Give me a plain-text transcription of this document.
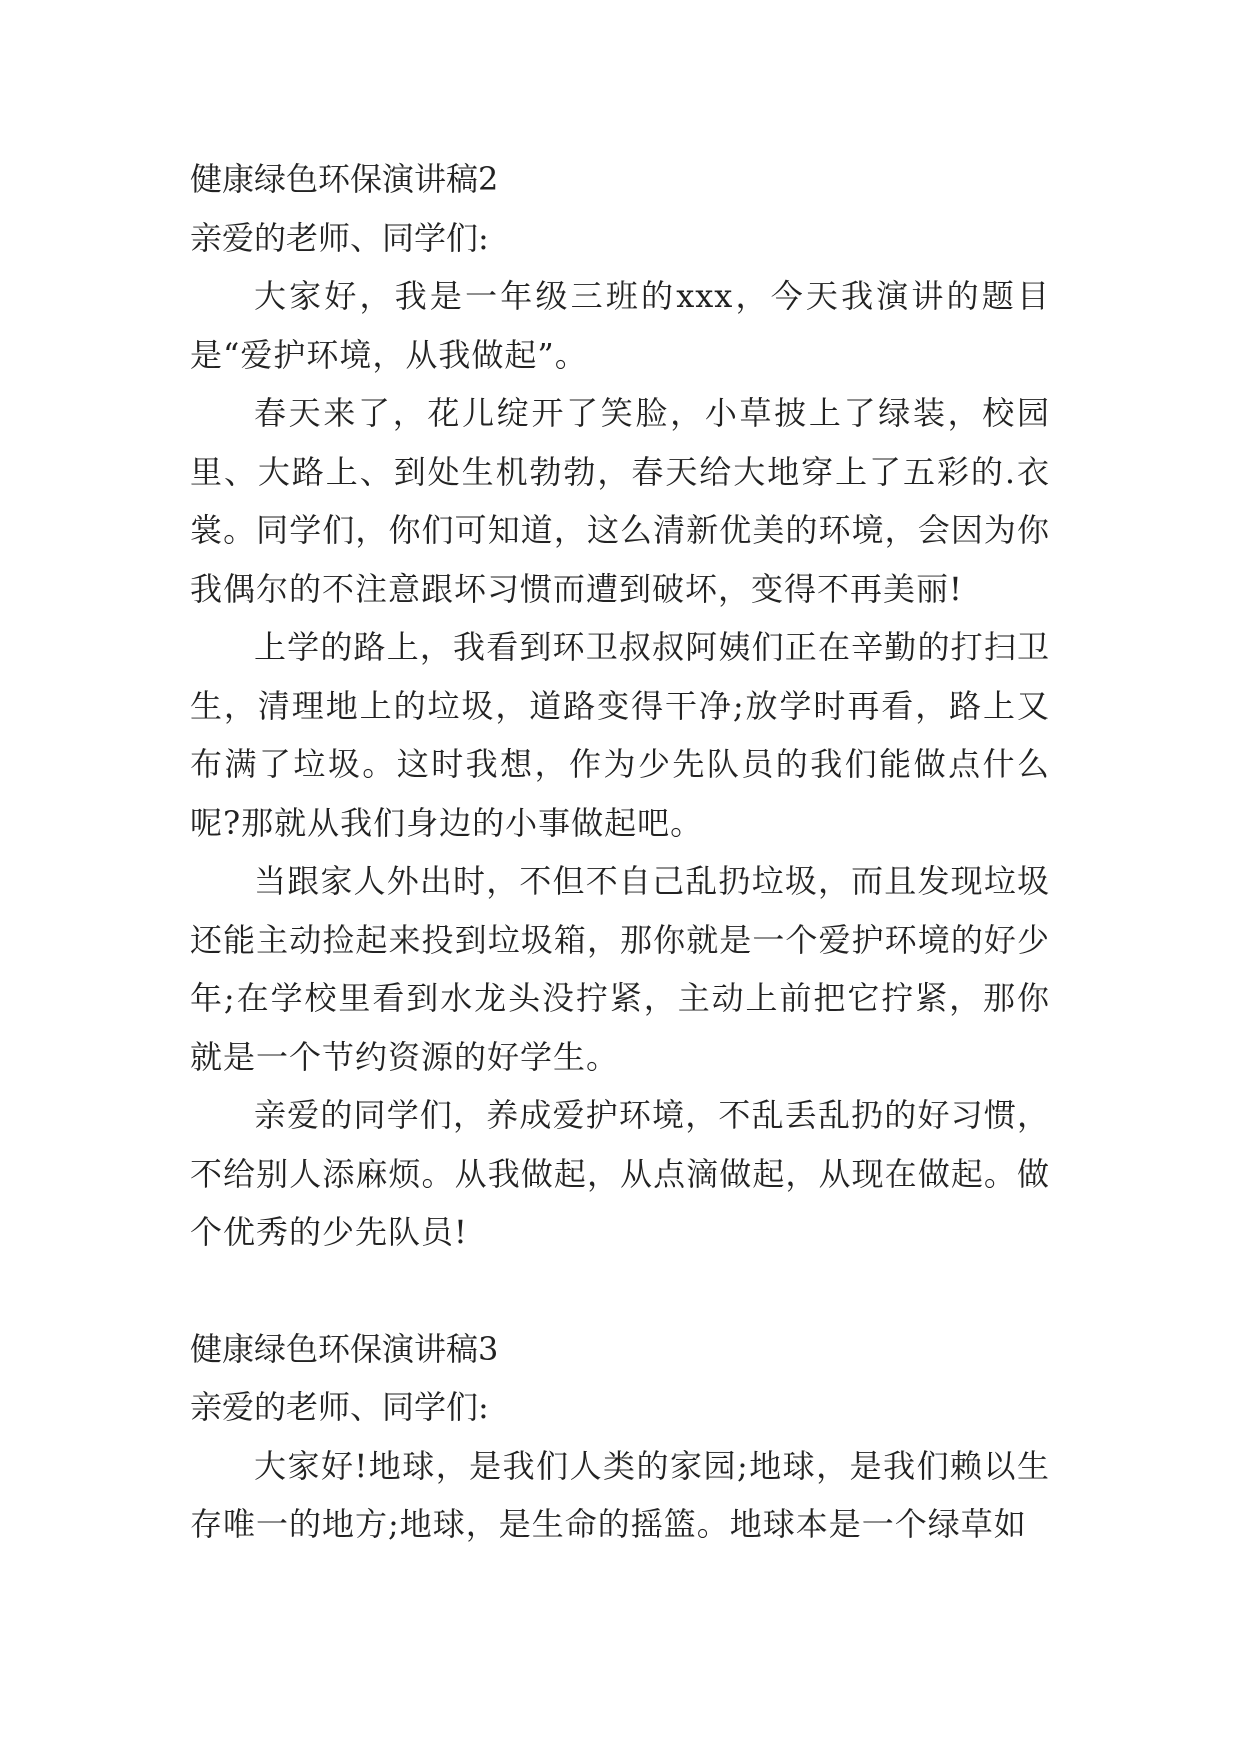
健康绿色环保演讲稿2

亲爱的老师、同学们:

大家好，我是一年级三班的xxx，今天我演讲的题目是“爱护环境，从我做起”。

春天来了，花儿绽开了笑脸，小草披上了绿装，校园里、大路上、到处生机勃勃，春天给大地穿上了五彩的.衣裳。同学们，你们可知道，这么清新优美的环境，会因为你我偶尔的不注意跟坏习惯而遭到破坏，变得不再美丽!

上学的路上，我看到环卫叔叔阿姨们正在辛勤的打扫卫生，清理地上的垃圾，道路变得干净;放学时再看，路上又布满了垃圾。这时我想，作为少先队员的我们能做点什么呢?那就从我们身边的小事做起吧。

当跟家人外出时，不但不自己乱扔垃圾，而且发现垃圾还能主动捡起来投到垃圾箱，那你就是一个爱护环境的好少年;在学校里看到水龙头没拧紧，主动上前把它拧紧，那你就是一个节约资源的好学生。

亲爱的同学们，养成爱护环境，不乱丢乱扔的好习惯，不给别人添麻烦。从我做起，从点滴做起，从现在做起。做个优秀的少先队员!

健康绿色环保演讲稿3

亲爱的老师、同学们:

大家好!地球，是我们人类的家园;地球，是我们赖以生存唯一的地方;地球，是生命的摇篮。地球本是一个绿草如
